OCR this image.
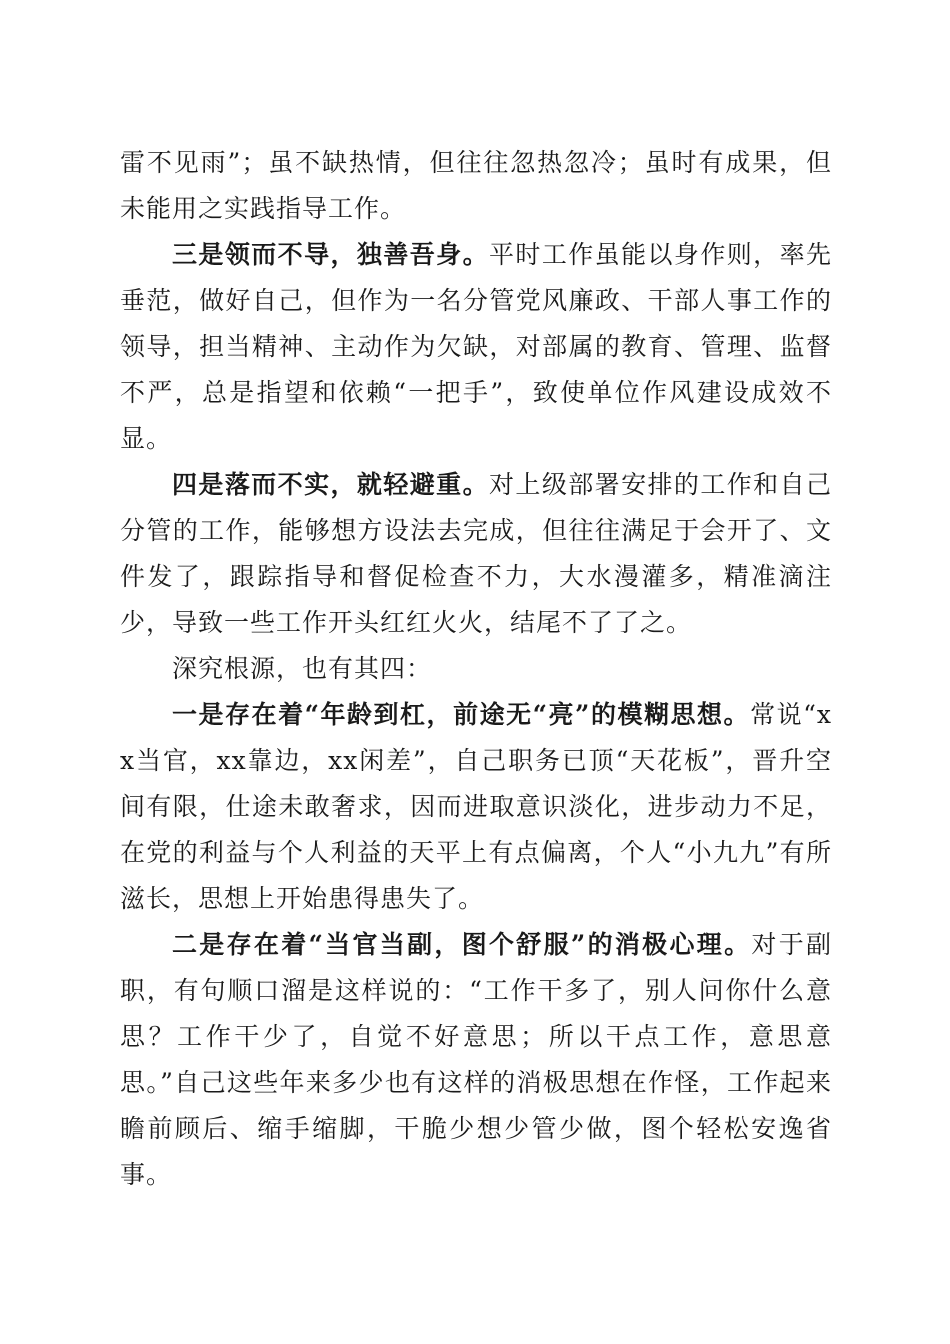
雷不见雨”；虽不缺热情，但往往忽热忽冷；虽时有成果，但未能用之实践指导工作。

三是领而不导，独善吾身。平时工作虽能以身作则，率先垂范，做好自己，但作为一名分管党风廉政、干部人事工作的领导，担当精神、主动作为欠缺，对部属的教育、管理、监督不严，总是指望和依赖“一把手”，致使单位作风建设成效不显。

四是落而不实，就轻避重。对上级部署安排的工作和自己分管的工作，能够想方设法去完成，但往往满足于会开了、文件发了，跟踪指导和督促检查不力，大水漫灌多，精准滴注少，导致一些工作开头红红火火，结尾不了了之。

深究根源，也有其四：

一是存在着“年龄到杠，前途无“亮”的模糊思想。常说“xx当官，xx靠边，xx闲差”，自己职务已顶“天花板”，晋升空间有限，仕途未敢奢求，因而进取意识淡化，进步动力不足，在党的利益与个人利益的天平上有点偏离，个人“小九九”有所滋长，思想上开始患得患失了。

二是存在着“当官当副，图个舒服”的消极心理。对于副职，有句顺口溜是这样说的：“工作干多了，别人问你什么意思？工作干少了，自觉不好意思；所以干点工作，意思意思。”自己这些年来多少也有这样的消极思想在作怪，工作起来瞻前顾后、缩手缩脚，干脆少想少管少做，图个轻松安逸省事。
